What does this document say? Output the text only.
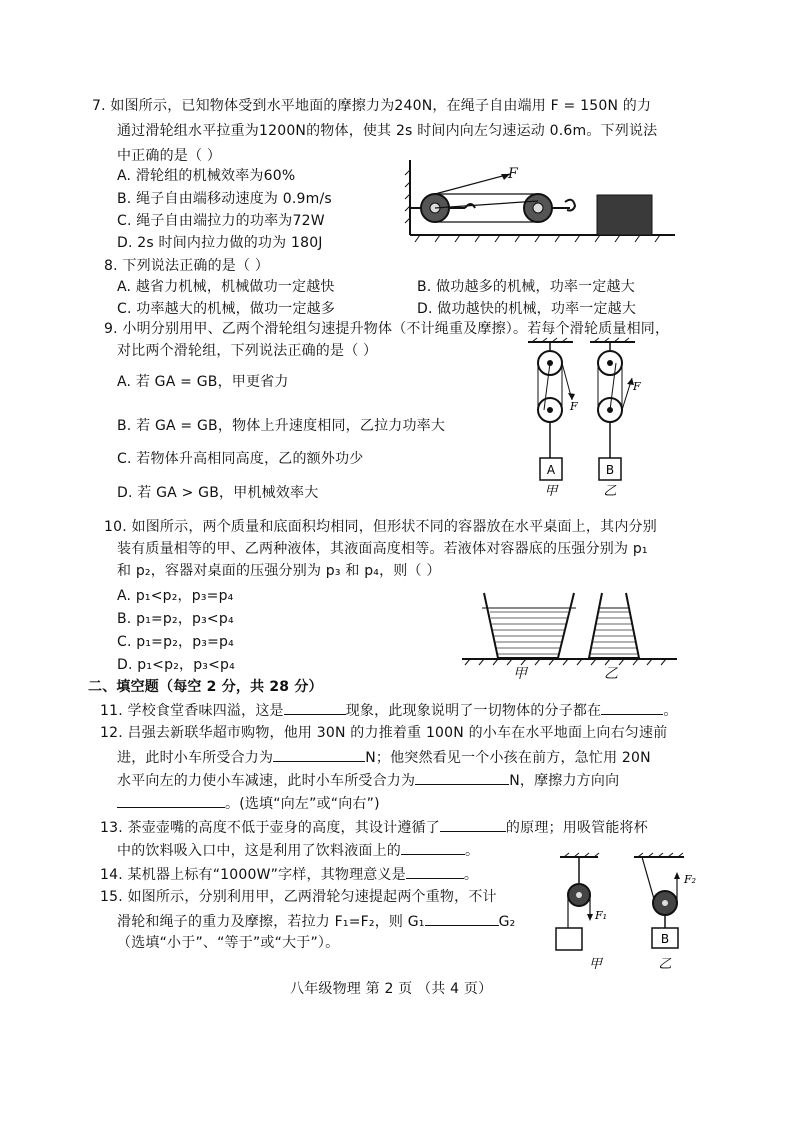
7. 如图所示，已知物体受到水平地面的摩擦力为240N，在绳子自由端用 F = 150N 的力
通过滑轮组水平拉重为1200N的物体，使其 2s 时间内向左匀速运动 0.6m。下列说法
中正确的是（ ）
A. 滑轮组的机械效率为60%
B. 绳子自由端移动速度为 0.9m/s
C. 绳子自由端拉力的功率为72W
D. 2s 时间内拉力做的功为 180J
F
8. 下列说法正确的是（ ）
A. 越省力机械，机械做功一定越快	B. 做功越多的机械，功率一定越大
C. 功率越大的机械，做功一定越多	D. 做功越快的机械，功率一定越大
9. 小明分别用甲、乙两个滑轮组匀速提升物体（不计绳重及摩擦）。若每个滑轮质量相同，
对比两个滑轮组，下列说法正确的是（ ）
A. 若 GA = GB，甲更省力
B. 若 GA = GB，物体上升速度相同，乙拉力功率大
C. 若物体升高相同高度，乙的额外功少
D. 若 GA > GB，甲机械效率大
F
A
甲
F
B
乙
10. 如图所示，两个质量和底面积均相同，但形状不同的容器放在水平桌面上，其内分别
装有质量相等的甲、乙两种液体，其液面高度相等。若液体对容器底的压强分别为 p₁
和 p₂，容器对桌面的压强分别为 p₃ 和 p₄，则（ ）
A. p₁<p₂，p₃=p₄
B. p₁=p₂，p₃<p₄
C. p₁=p₂，p₃=p₄
D. p₁<p₂，p₃<p₄
甲	乙
二、填空题（每空 2 分，共 28 分）
11. 学校食堂香味四溢，这是	现象，此现象说明了一切物体的分子都在	。
12. 吕强去新联华超市购物，他用 30N 的力推着重 100N 的小车在水平地面上向右匀速前
进，此时小车所受合力为	N；他突然看见一个小孩在前方，急忙用 20N
水平向左的力使小车减速，此时小车所受合力为	N，摩擦力方向向
。(选填“向左”或“向右”)
13. 茶壶壶嘴的高度不低于壶身的高度，其设计遵循了	的原理；用吸管能将杯
中的饮料吸入口中，这是利用了饮料液面上的	。
14. 某机器上标有“1000W”字样，其物理意义是	。
15. 如图所示，分别利用甲，乙两滑轮匀速提起两个重物，不计
滑轮和绳子的重力及摩擦，若拉力 F₁=F₂，则 G₁	G₂
（选填“小于”、“等于”或“大于”）。
F₁
甲
F₂
B
乙
八年级物理 第 2 页 （共 4 页）
